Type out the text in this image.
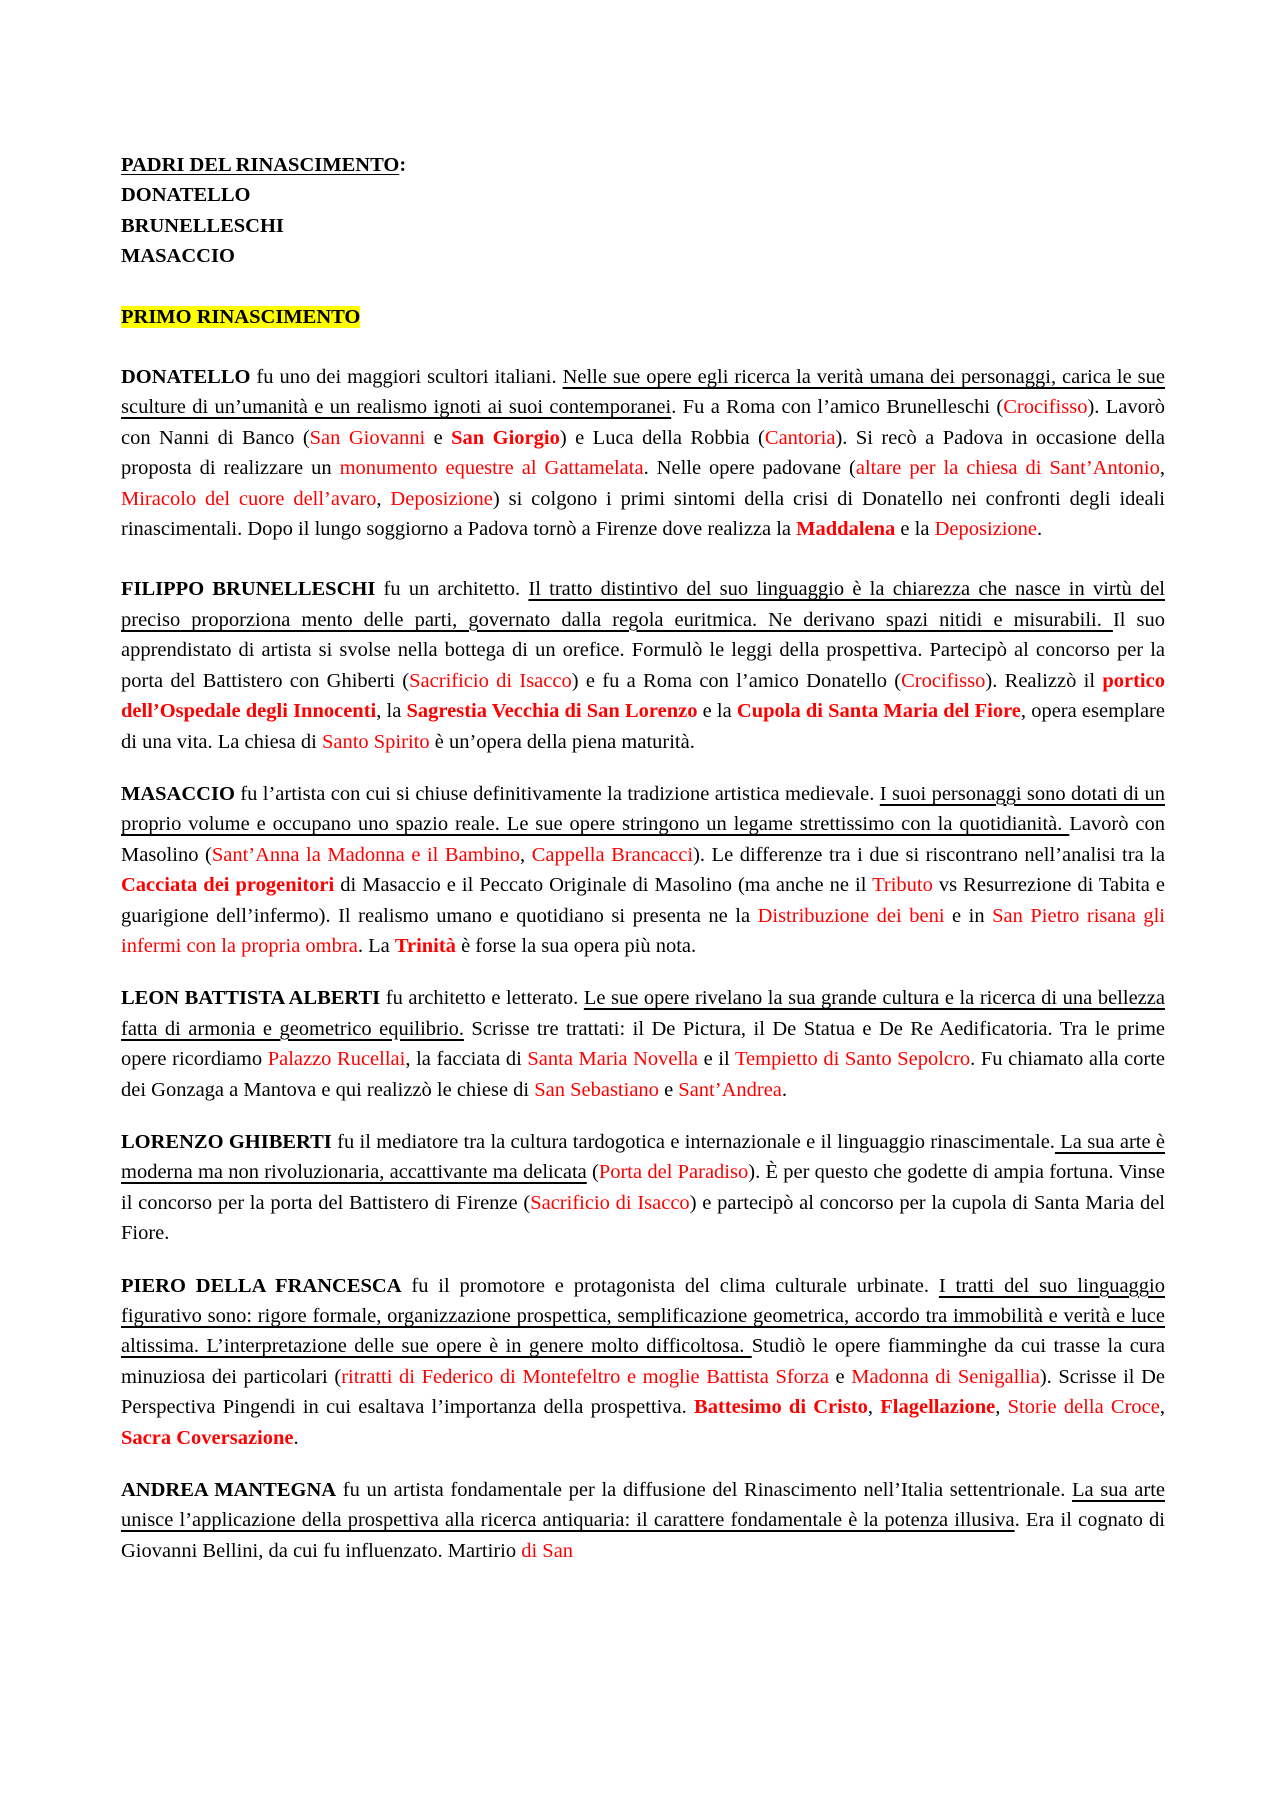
PADRI DEL RINASCIMENTO:

DONATELLO

BRUNELLESCHI

MASACCIO

PRIMO RINASCIMENTO

DONATELLO fu uno dei maggiori scultori italiani. Nelle sue opere egli ricerca la verità umana dei personaggi, carica le sue sculture di un’umanità e un realismo ignoti ai suoi contemporanei. Fu a Roma con l’amico Brunelleschi (Crocifisso). Lavorò con Nanni di Banco (San Giovanni e San Giorgio) e Luca della Robbia (Cantoria). Si recò a Padova in occasione della proposta di realizzare un monumento equestre al Gattamelata. Nelle opere padovane (altare per la chiesa di Sant’Antonio, Miracolo del cuore dell’avaro, Deposizione) si colgono i primi sintomi della crisi di Donatello nei confronti degli ideali rinascimentali. Dopo il lungo soggiorno a Padova tornò a Firenze dove realizza la Maddalena e la Deposizione.

FILIPPO BRUNELLESCHI fu un architetto. Il tratto distintivo del suo linguaggio è la chiarezza che nasce in virtù del preciso proporziona mento delle parti, governato dalla regola euritmica. Ne derivano spazi nitidi e misurabili. Il suo apprendistato di artista si svolse nella bottega di un orefice. Formulò le leggi della prospettiva. Partecipò al concorso per la porta del Battistero con Ghiberti (Sacrificio di Isacco) e fu a Roma con l’amico Donatello (Crocifisso). Realizzò il portico dell’Ospedale degli Innocenti, la Sagrestia Vecchia di San Lorenzo e la Cupola di Santa Maria del Fiore, opera esemplare di una vita. La chiesa di Santo Spirito è un’opera della piena maturità.

MASACCIO fu l’artista con cui si chiuse definitivamente la tradizione artistica medievale. I suoi personaggi sono dotati di un proprio volume e occupano uno spazio reale. Le sue opere stringono un legame strettissimo con la quotidianità. Lavorò con Masolino (Sant’Anna la Madonna e il Bambino, Cappella Brancacci). Le differenze tra i due si riscontrano nell’analisi tra la Cacciata dei progenitori di Masaccio e il Peccato Originale di Masolino (ma anche ne il Tributo vs Resurrezione di Tabita e guarigione dell’infermo). Il realismo umano e quotidiano si presenta ne la Distribuzione dei beni e in San Pietro risana gli infermi con la propria ombra. La Trinità è forse la sua opera più nota.

LEON BATTISTA ALBERTI fu architetto e letterato. Le sue opere rivelano la sua grande cultura e la ricerca di una bellezza fatta di armonia e geometrico equilibrio. Scrisse tre trattati: il De Pictura, il De Statua e De Re Aedificatoria. Tra le prime opere ricordiamo Palazzo Rucellai, la facciata di Santa Maria Novella e il Tempietto di Santo Sepolcro. Fu chiamato alla corte dei Gonzaga a Mantova e qui realizzò le chiese di San Sebastiano e Sant’Andrea.

LORENZO GHIBERTI fu il mediatore tra la cultura tardogotica e internazionale e il linguaggio rinascimentale. La sua arte è moderna ma non rivoluzionaria, accattivante ma delicata (Porta del Paradiso). È per questo che godette di ampia fortuna. Vinse il concorso per la porta del Battistero di Firenze (Sacrificio di Isacco) e partecipò al concorso per la cupola di Santa Maria del Fiore.

PIERO DELLA FRANCESCA fu il promotore e protagonista del clima culturale urbinate. I tratti del suo linguaggio figurativo sono: rigore formale, organizzazione prospettica, semplificazione geometrica, accordo tra immobilità e verità e luce altissima. L’interpretazione delle sue opere è in genere molto difficoltosa. Studiò le opere fiamminghe da cui trasse la cura minuziosa dei particolari (ritratti di Federico di Montefeltro e moglie Battista Sforza e Madonna di Senigallia). Scrisse il De Perspectiva Pingendi in cui esaltava l’importanza della prospettiva. Battesimo di Cristo, Flagellazione, Storie della Croce, Sacra Coversazione.

ANDREA MANTEGNA fu un artista fondamentale per la diffusione del Rinascimento nell’Italia settentrionale. La sua arte unisce l’applicazione della prospettiva alla ricerca antiquaria: il carattere fondamentale è la potenza illusiva. Era il cognato di Giovanni Bellini, da cui fu influenzato. Martirio di San
